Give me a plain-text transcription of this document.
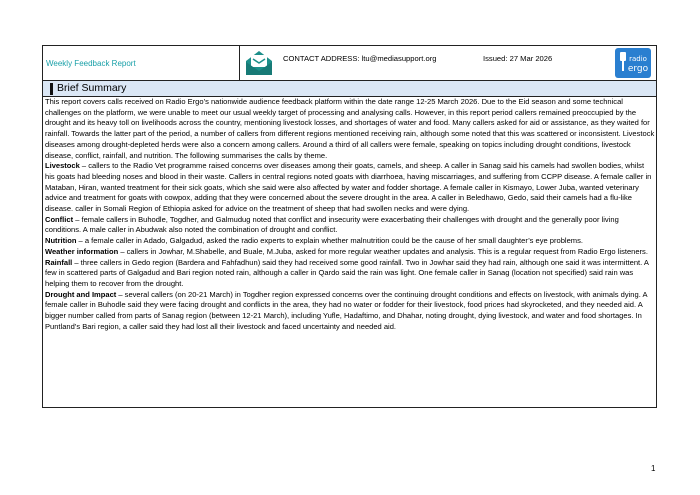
Weekly Feedback Report
CONTACT ADDRESS: ltu@mediasupport.org	Issued: 27 Mar 2026	radio
ergo
Brief Summary

This report covers calls received on Radio Ergo’s nationwide audience feedback platform within the date range 12-25 March 2026. Due to the Eid season and some technical challenges on the platform, we were unable to meet our usual weekly target of processing and analysing calls. However, in this report period callers remained preoccupied by the drought and its heavy toll on livelihoods across the country, mentioning livestock losses, and shortages of water and food. Many callers asked for aid or assistance, as they waited for rainfall. Towards the latter part of the period, a number of callers from different regions mentioned receiving rain, although some noted that this was scattered or inconsistent. Livestock diseases among drought-depleted herds were also a concern among callers. Around a third of all callers were female, speaking on topics including drought conditions, livestock disease, conflict, rainfall, and nutrition. The following summarises the calls by theme.

Livestock – callers to the Radio Vet programme raised concerns over diseases among their goats, camels, and sheep. A caller in Sanag said his camels had swollen bodies, whilst his goats had bleeding noses and blood in their waste. Callers in central regions noted goats with diarrhoea, having miscarriages, and suffering from CCPP disease. A female caller in Mataban, Hiran, wanted treatment for their sick goats, which she said were also affected by water and fodder shortage. A female caller in Kismayo, Lower Juba, wanted veterinary advice and treatment for goats with cowpox, adding that they were concerned about the severe drought in the area. A caller in Beledhawo, Gedo, said their camels had a flu-like disease. caller in Somali Region of Ethiopia asked for advice on the treatment of sheep that had swollen necks and were dying.

Conflict – female callers in Buhodle, Togdher, and Galmudug noted that conflict and insecurity were exacerbating their challenges with drought and the generally poor living conditions. A male caller in Abudwak also noted the combination of drought and conflict.

Nutrition – a female caller in Adado, Galgadud, asked the radio experts to explain whether malnutrition could be the cause of her small daughter’s eye problems.

Weather information – callers in Jowhar, M.Shabelle, and Buale, M.Juba, asked for more regular weather updates and analysis. This is a regular request from Radio Ergo listeners.

Rainfall – three callers in Gedo region (Bardera and Fahfadhun) said they had received some good rainfall. Two in Jowhar said they had rain, although one said it was intermittent. A few in scattered parts of Galgadud and Bari region noted rain, although a caller in Qardo said the rain was light. One female caller in Sanag (location not specified) said rain was helping them to recover from the drought.

Drought and Impact – several callers (on 20-21 March) in Togdher region expressed concerns over the continuing drought conditions and effects on livestock, with animals dying. A female caller in Buhodle said they were facing drought and conflicts in the area, they had no water or fodder for their livestock, food prices had skyrocketed, and they needed aid. A bigger number called from parts of Sanag region (between 12-21 March), including Yufle, Hadaftimo, and Dhahar, noting drought, dying livestock, and water and food shortages. In Puntland’s Bari region, a caller said they had lost all their livestock and faced uncertainty and needed aid.

1
